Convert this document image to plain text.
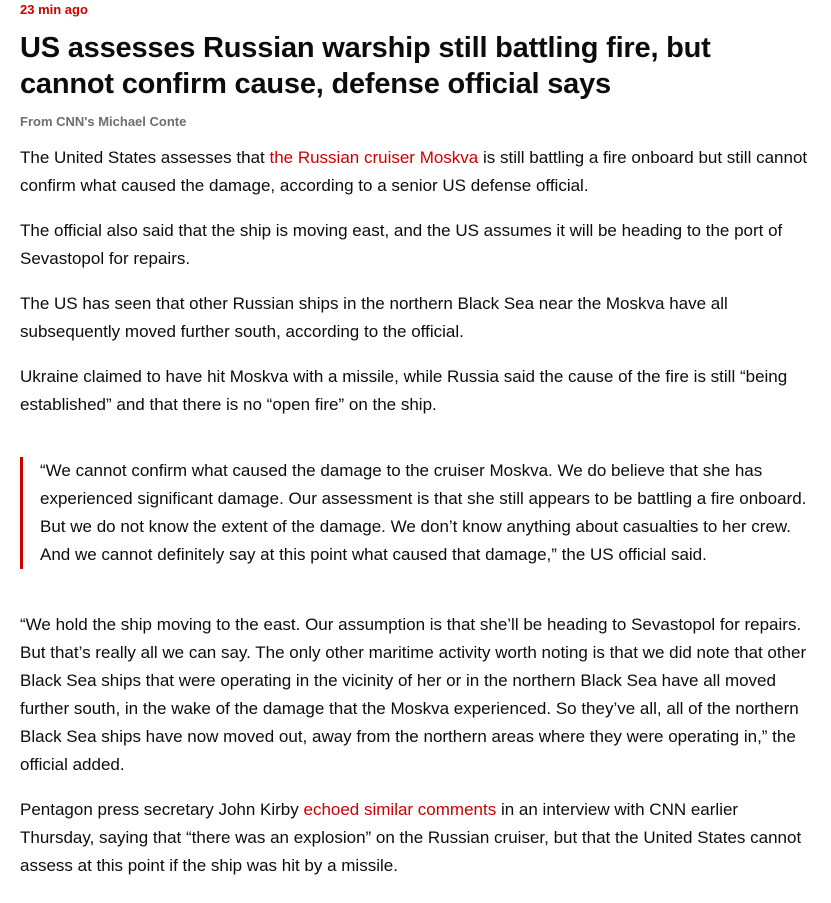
23 min ago
US assesses Russian warship still battling fire, but cannot confirm cause, defense official says
From CNN's Michael Conte

The United States assesses that the Russian cruiser Moskva is still battling a fire onboard but still cannot confirm what caused the damage, according to a senior US defense official.

The official also said that the ship is moving east, and the US assumes it will be heading to the port of Sevastopol for repairs.

The US has seen that other Russian ships in the northern Black Sea near the Moskva have all subsequently moved further south, according to the official.

Ukraine claimed to have hit Moskva with a missile, while Russia said the cause of the fire is still “being established” and that there is no “open fire” on the ship.

“We cannot confirm what caused the damage to the cruiser Moskva. We do believe that she has experienced significant damage. Our assessment is that she still appears to be battling a fire onboard. But we do not know the extent of the damage. We don’t know anything about casualties to her crew. And we cannot definitely say at this point what caused that damage,” the US official said.

“We hold the ship moving to the east. Our assumption is that she’ll be heading to Sevastopol for repairs. But that’s really all we can say. The only other maritime activity worth noting is that we did note that other Black Sea ships that were operating in the vicinity of her or in the northern Black Sea have all moved further south, in the wake of the damage that the Moskva experienced. So they’ve all, all of the northern Black Sea ships have now moved out, away from the northern areas where they were operating in,” the official added.

Pentagon press secretary John Kirby echoed similar comments in an interview with CNN earlier Thursday, saying that “there was an explosion” on the Russian cruiser, but that the United States cannot assess at this point if the ship was hit by a missile.
